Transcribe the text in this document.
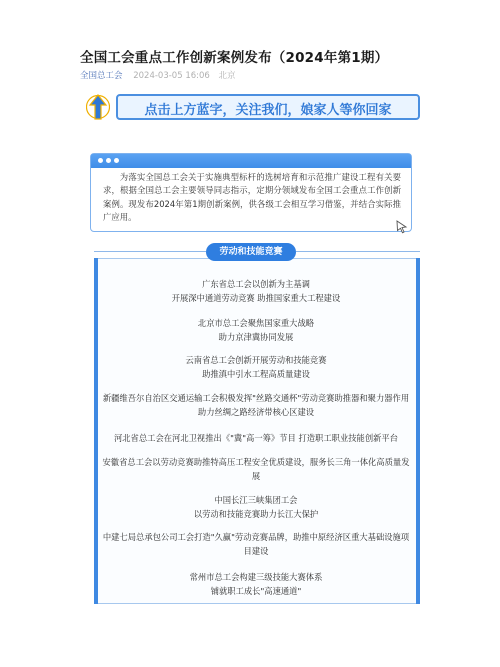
全国工会重点工作创新案例发布（2024年第1期）
全国总工会 2024-03-05 16:06 北京
点击上方蓝字，关注我们，娘家人等你回家
为落实全国总工会关于实施典型标杆的选树培育和示范推广建设工程有关要求，根据全国总工会主要领导同志指示，定期分领域发布全国工会重点工作创新案例。现发布2024年第1期创新案例，供各级工会相互学习借鉴，并结合实际推广应用。
劳动和技能竞赛
广东省总工会以创新为主基调
开展深中通道劳动竞赛 助推国家重大工程建设
北京市总工会聚焦国家重大战略
助力京津冀协同发展
云南省总工会创新开展劳动和技能竞赛
助推滇中引水工程高质量建设
新疆维吾尔自治区交通运输工会积极发挥"丝路交通杯"劳动竞赛助推器和聚力器作用
助力丝绸之路经济带核心区建设
河北省总工会在河北卫视推出《"冀"高一筹》节目 打造职工职业技能创新平台
安徽省总工会以劳动竞赛助推特高压工程安全优质建设，服务长三角一体化高质量发展
中国长江三峡集团工会
以劳动和技能竞赛助力长江大保护
中建七局总承包公司工会打造"久赢"劳动竞赛品牌，助推中原经济区重大基础设施项目建设
常州市总工会构建三级技能大赛体系
铺就职工成长"高速通道"
